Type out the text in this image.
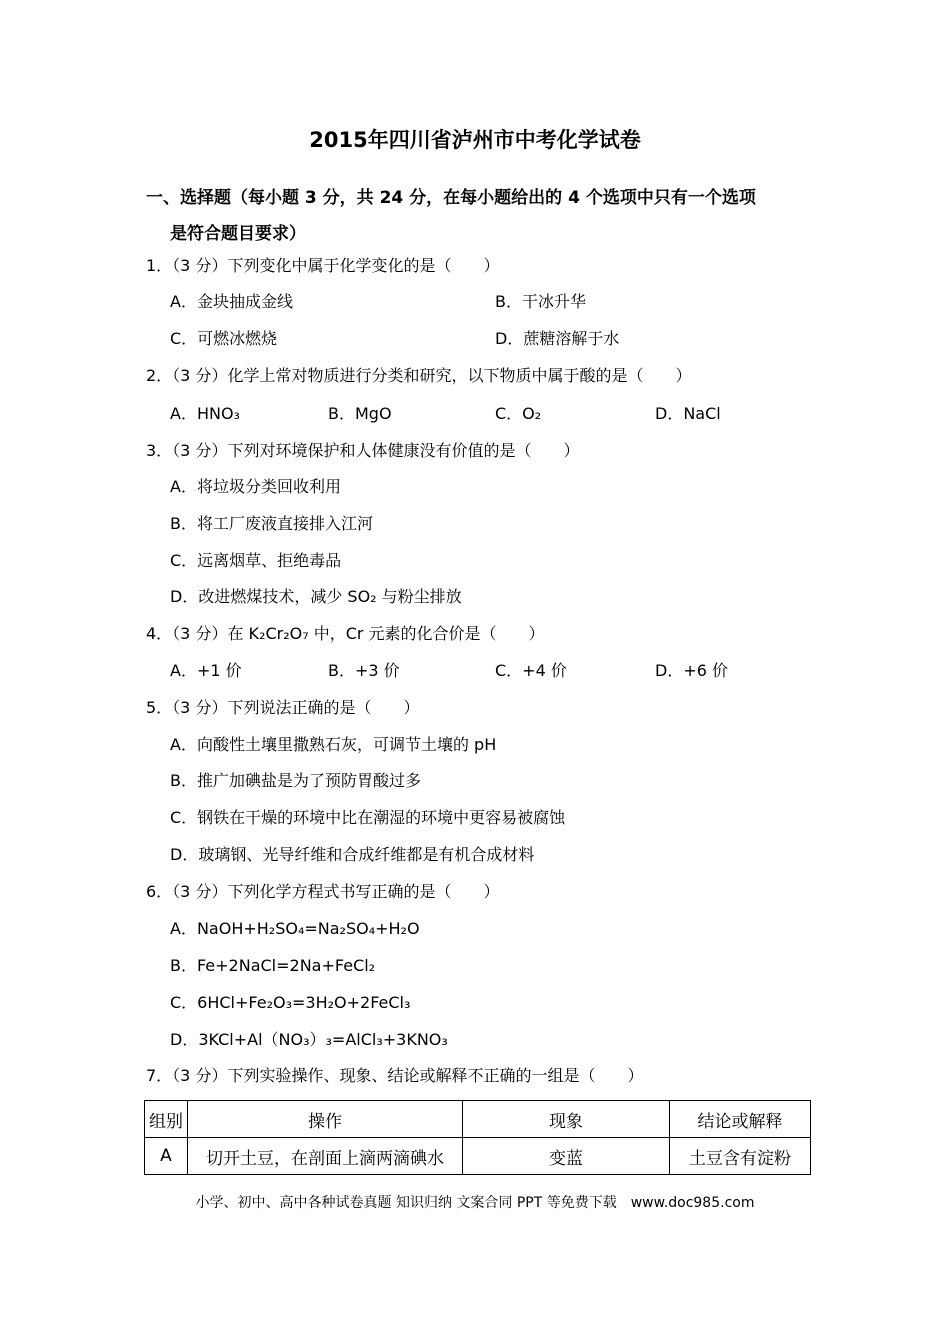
2015年四川省泸州市中考化学试卷
一、选择题（每小题 3 分，共 24 分，在每小题给出的 4 个选项中只有一个选项
是符合题目要求）
1．（3 分）下列变化中属于化学变化的是（　　）
A．金块抽成金线	B．干冰升华
C．可燃冰燃烧	D．蔗糖溶解于水
2．（3 分）化学上常对物质进行分类和研究，以下物质中属于酸的是（　　）
A．HNO₃	B．MgO	C．O₂	D．NaCl
3．（3 分）下列对环境保护和人体健康没有价值的是（　　）
A．将垃圾分类回收利用
B．将工厂废液直接排入江河
C．远离烟草、拒绝毒品
D．改进燃煤技术，减少 SO₂ 与粉尘排放
4．（3 分）在 K₂Cr₂O₇ 中，Cr 元素的化合价是（　　）
A．+1 价	B．+3 价	C．+4 价	D．+6 价
5．（3 分）下列说法正确的是（　　）
A．向酸性土壤里撒熟石灰，可调节土壤的 pH
B．推广加碘盐是为了预防胃酸过多
C．钢铁在干燥的环境中比在潮湿的环境中更容易被腐蚀
D．玻璃钢、光导纤维和合成纤维都是有机合成材料
6．（3 分）下列化学方程式书写正确的是（　　）
A．NaOH+H₂SO₄=Na₂SO₄+H₂O
B．Fe+2NaCl=2Na+FeCl₂
C．6HCl+Fe₂O₃=3H₂O+2FeCl₃
D．3KCl+Al（NO₃）₃=AlCl₃+3KNO₃
7．（3 分）下列实验操作、现象、结论或解释不正确的一组是（　　）
组别	操作	现象	结论或解释
A	切开土豆，在剖面上滴两滴碘水	变蓝	土豆含有淀粉
小学、初中、高中各种试卷真题 知识归纳 文案合同 PPT 等免费下载　www.doc985.com
